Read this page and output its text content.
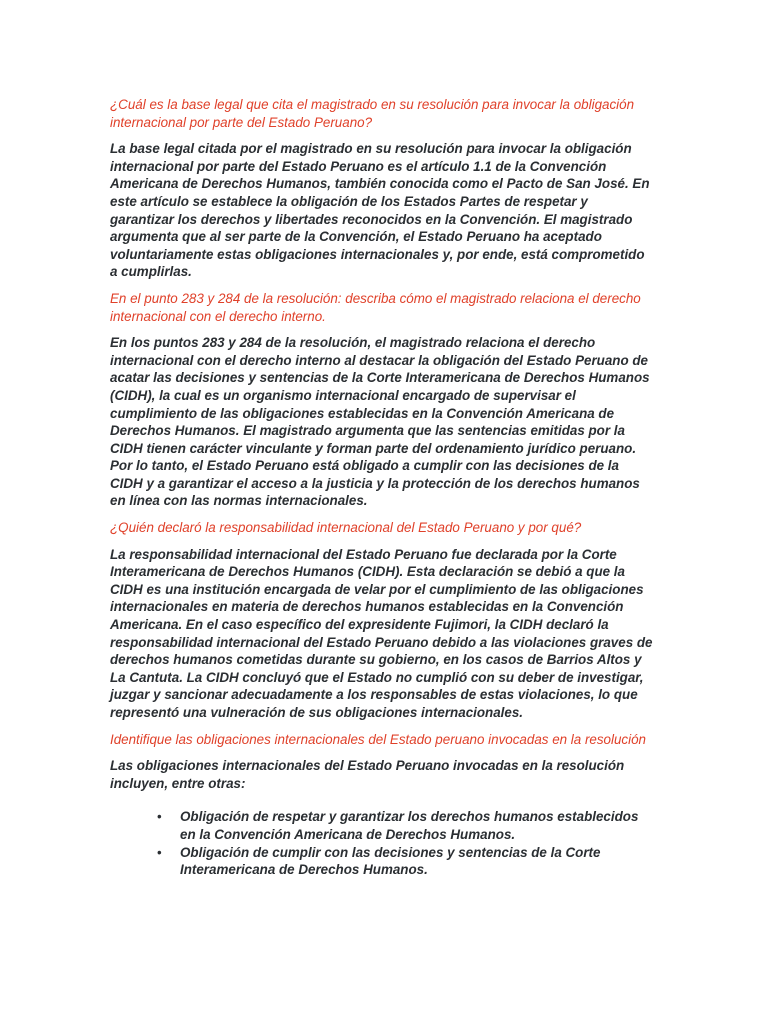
¿Cuál es la base legal que cita el magistrado en su resolución para invocar la obligación internacional por parte del Estado Peruano?

La base legal citada por el magistrado en su resolución para invocar la obligación internacional por parte del Estado Peruano es el artículo 1.1 de la Convención Americana de Derechos Humanos, también conocida como el Pacto de San José. En este artículo se establece la obligación de los Estados Partes de respetar y garantizar los derechos y libertades reconocidos en la Convención. El magistrado argumenta que al ser parte de la Convención, el Estado Peruano ha aceptado voluntariamente estas obligaciones internacionales y, por ende, está comprometido a cumplirlas.

En el punto 283 y 284 de la resolución: describa cómo el magistrado relaciona el derecho internacional con el derecho interno.

En los puntos 283 y 284 de la resolución, el magistrado relaciona el derecho internacional con el derecho interno al destacar la obligación del Estado Peruano de acatar las decisiones y sentencias de la Corte Interamericana de Derechos Humanos (CIDH), la cual es un organismo internacional encargado de supervisar el cumplimiento de las obligaciones establecidas en la Convención Americana de Derechos Humanos. El magistrado argumenta que las sentencias emitidas por la CIDH tienen carácter vinculante y forman parte del ordenamiento jurídico peruano. Por lo tanto, el Estado Peruano está obligado a cumplir con las decisiones de la CIDH y a garantizar el acceso a la justicia y la protección de los derechos humanos en línea con las normas internacionales.

¿Quién declaró la responsabilidad internacional del Estado Peruano y por qué?

La responsabilidad internacional del Estado Peruano fue declarada por la Corte Interamericana de Derechos Humanos (CIDH). Esta declaración se debió a que la CIDH es una institución encargada de velar por el cumplimiento de las obligaciones internacionales en materia de derechos humanos establecidas en la Convención Americana. En el caso específico del expresidente Fujimori, la CIDH declaró la responsabilidad internacional del Estado Peruano debido a las violaciones graves de derechos humanos cometidas durante su gobierno, en los casos de Barrios Altos y La Cantuta. La CIDH concluyó que el Estado no cumplió con su deber de investigar, juzgar y sancionar adecuadamente a los responsables de estas violaciones, lo que representó una vulneración de sus obligaciones internacionales.

Identifique las obligaciones internacionales del Estado peruano invocadas en la resolución

Las obligaciones internacionales del Estado Peruano invocadas en la resolución incluyen, entre otras:

• Obligación de respetar y garantizar los derechos humanos establecidos en la Convención Americana de Derechos Humanos.
• Obligación de cumplir con las decisiones y sentencias de la Corte Interamericana de Derechos Humanos.
